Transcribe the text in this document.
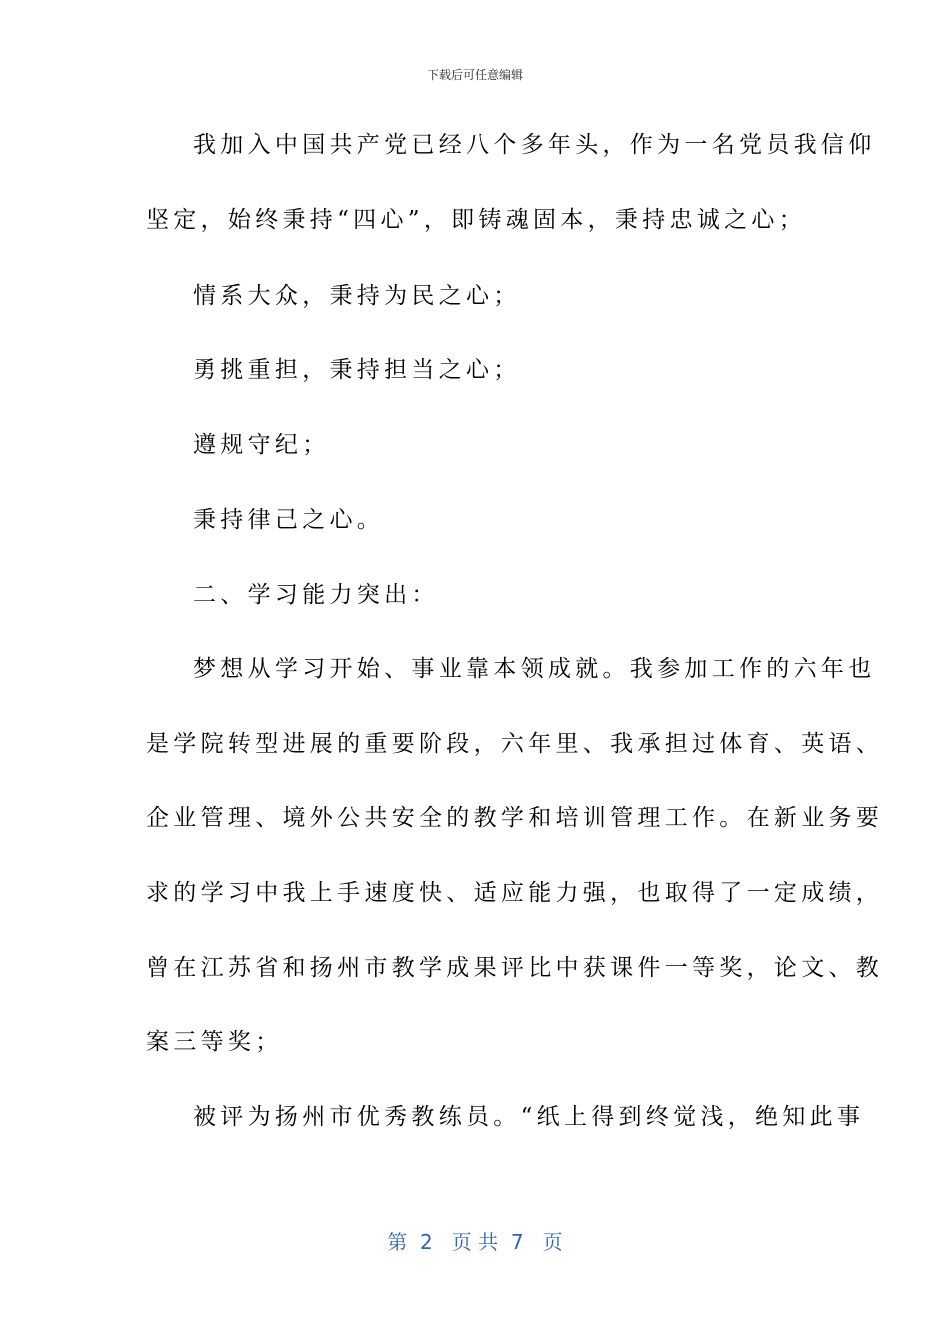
下载后可任意编辑
我加入中国共产党已经八个多年头，作为一名党员我信仰
坚定，始终秉持“四心”，即铸魂固本，秉持忠诚之心；
情系大众，秉持为民之心；
勇挑重担，秉持担当之心；
遵规守纪；
秉持律己之心。
二、学习能力突出：
梦想从学习开始、事业靠本领成就。我参加工作的六年也
是学院转型进展的重要阶段，六年里、我承担过体育、英语、
企业管理、境外公共安全的教学和培训管理工作。在新业务要
求的学习中我上手速度快、适应能力强，也取得了一定成绩，
曾在江苏省和扬州市教学成果评比中获课件一等奖，论文、教
案三等奖；
被评为扬州市优秀教练员。“纸上得到终觉浅，绝知此事
第  2   页 共  7   页
